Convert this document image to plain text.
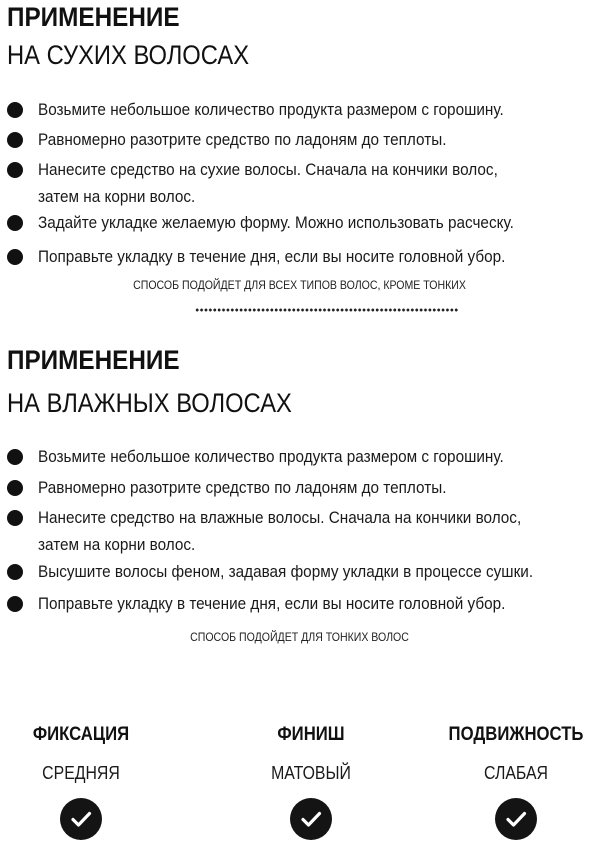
ПРИМЕНЕНИЕ
НА СУХИХ ВОЛОСАХ
Возьмите небольшое количество продукта размером с горошину.
Равномерно разотрите средство по ладоням до теплоты.
Нанесите средство на сухие волосы. Сначала на кончики волос,
затем на корни волос.
Задайте укладке желаемую форму. Можно использовать расческу.
Поправьте укладку в течение дня, если вы носите головной убор.
СПОСОБ ПОДОЙДЕТ ДЛЯ ВСЕХ ТИПОВ ВОЛОС, КРОМЕ ТОНКИХ
ПРИМЕНЕНИЕ
НА ВЛАЖНЫХ ВОЛОСАХ
Возьмите небольшое количество продукта размером с горошину.
Равномерно разотрите средство по ладоням до теплоты.
Нанесите средство на влажные волосы. Сначала на кончики волос,
затем на корни волос.
Высушите волосы феном, задавая форму укладки в процессе сушки.
Поправьте укладку в течение дня, если вы носите головной убор.
СПОСОБ ПОДОЙДЕТ ДЛЯ ТОНКИХ ВОЛОС
ФИКСАЦИЯ
СРЕДНЯЯ
ФИНИШ
МАТОВЫЙ
ПОДВИЖНОСТЬ
СЛАБАЯ
